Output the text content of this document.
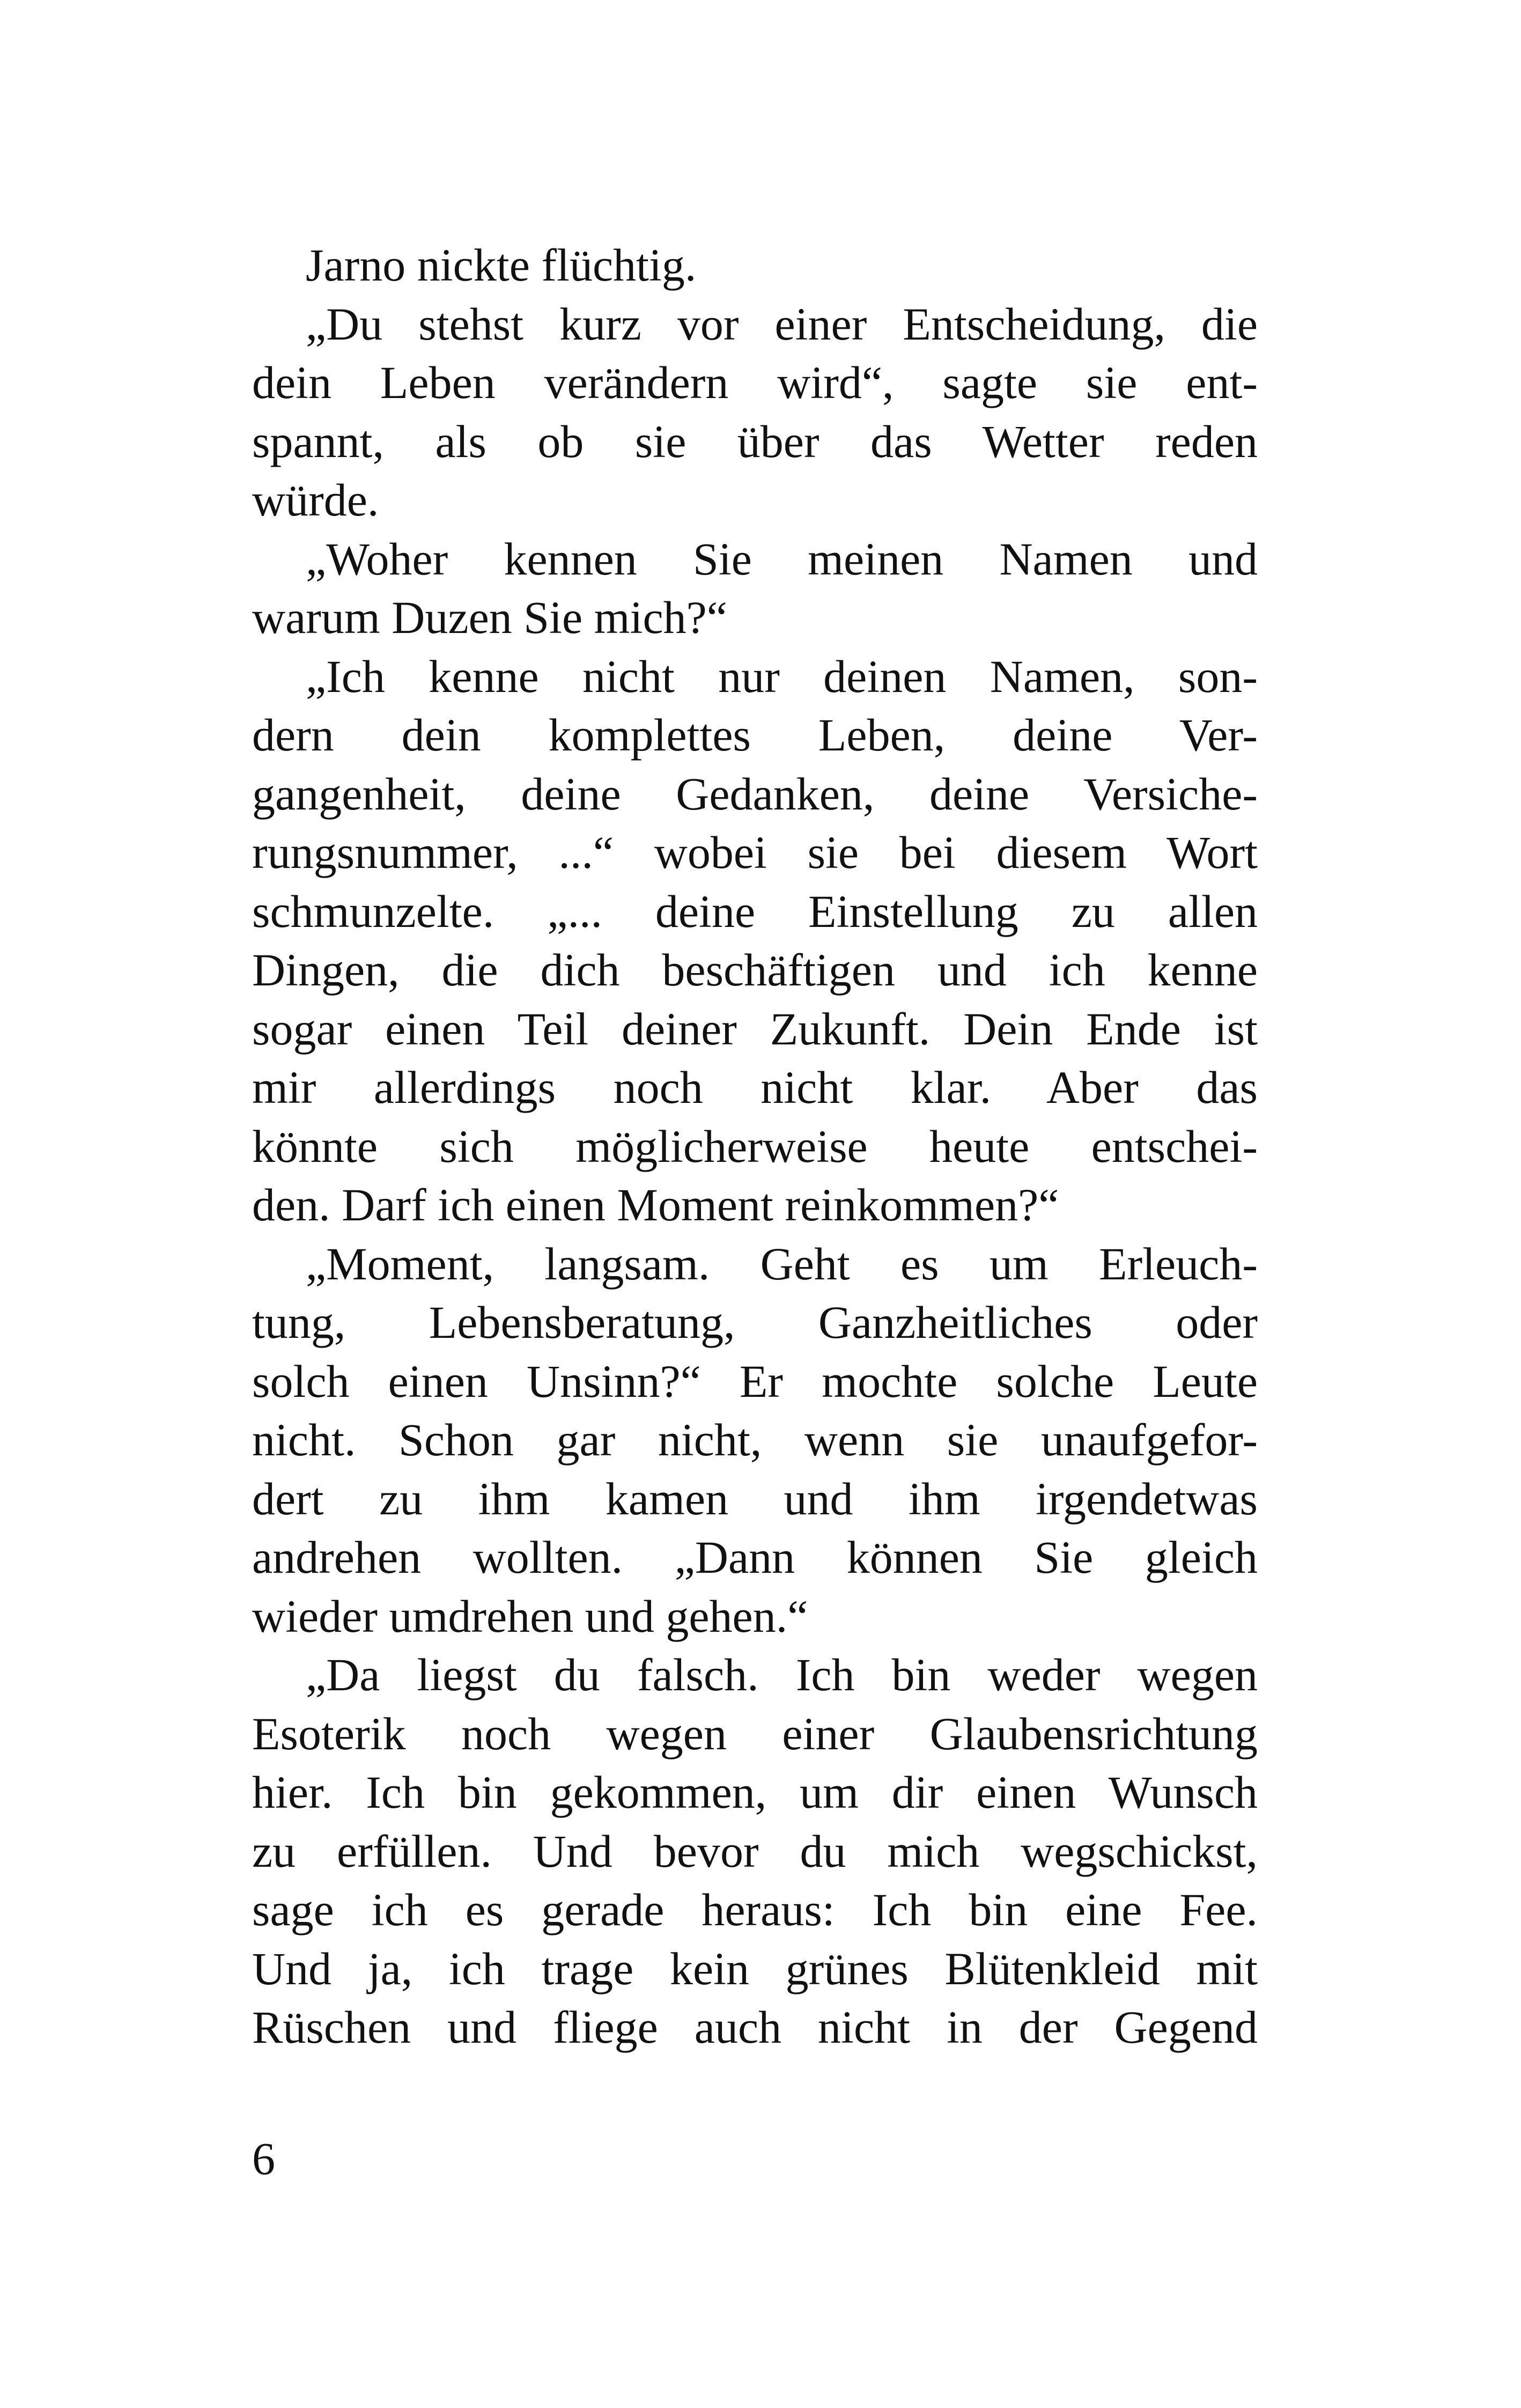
Jarno nickte flüchtig.
„Du stehst kurz vor einer Entscheidung, die
dein Leben verändern wird“, sagte sie ent-
spannt, als ob sie über das Wetter reden
würde.
„Woher kennen Sie meinen Namen und
warum Duzen Sie mich?“
„Ich kenne nicht nur deinen Namen, son-
dern dein komplettes Leben, deine Ver-
gangenheit, deine Gedanken, deine Versiche-
rungsnummer, ...“ wobei sie bei diesem Wort
schmunzelte. „... deine Einstellung zu allen
Dingen, die dich beschäftigen und ich kenne
sogar einen Teil deiner Zukunft. Dein Ende ist
mir allerdings noch nicht klar. Aber das
könnte sich möglicherweise heute entschei-
den. Darf ich einen Moment reinkommen?“
„Moment, langsam. Geht es um Erleuch-
tung, Lebensberatung, Ganzheitliches oder
solch einen Unsinn?“ Er mochte solche Leute
nicht. Schon gar nicht, wenn sie unaufgefor-
dert zu ihm kamen und ihm irgendetwas
andrehen wollten. „Dann können Sie gleich
wieder umdrehen und gehen.“
„Da liegst du falsch. Ich bin weder wegen
Esoterik noch wegen einer Glaubensrichtung
hier. Ich bin gekommen, um dir einen Wunsch
zu erfüllen. Und bevor du mich wegschickst,
sage ich es gerade heraus: Ich bin eine Fee.
Und ja, ich trage kein grünes Blütenkleid mit
Rüschen und fliege auch nicht in der Gegend
6
